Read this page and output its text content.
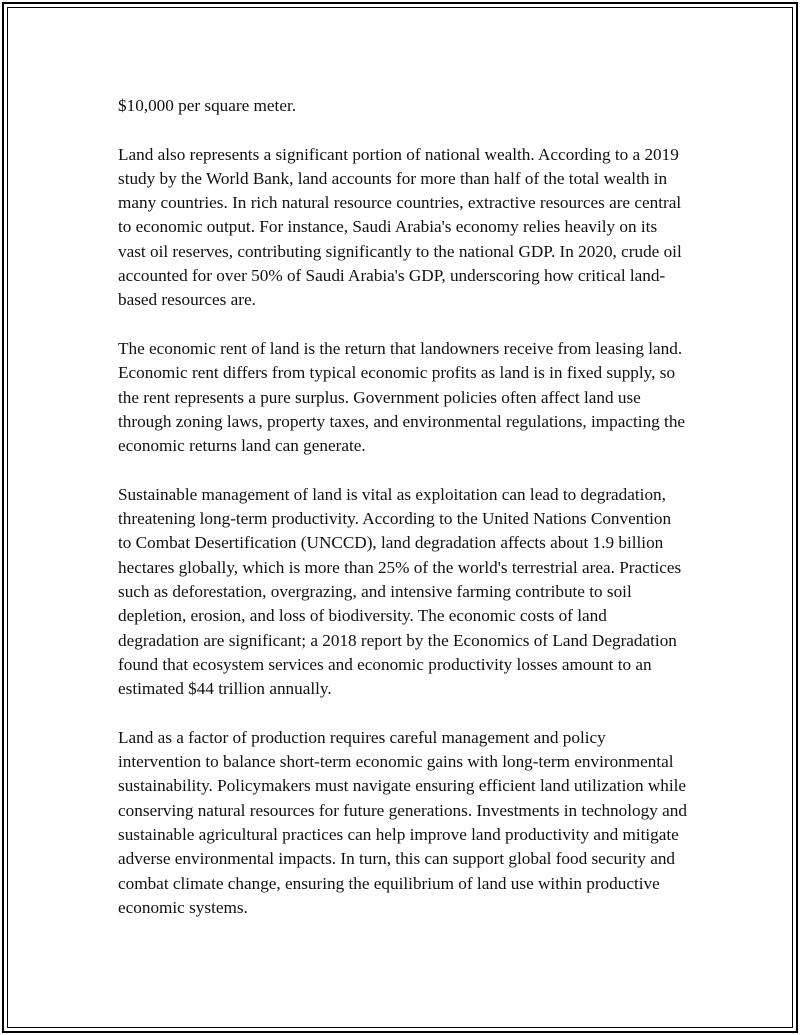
$10,000 per square meter.

Land also represents a significant portion of national wealth. According to a 2019 study by the World Bank, land accounts for more than half of the total wealth in many countries. In rich natural resource countries, extractive resources are central to economic output. For instance, Saudi Arabia's economy relies heavily on its vast oil reserves, contributing significantly to the national GDP. In 2020, crude oil accounted for over 50% of Saudi Arabia's GDP, underscoring how critical land-based resources are.

The economic rent of land is the return that landowners receive from leasing land. Economic rent differs from typical economic profits as land is in fixed supply, so the rent represents a pure surplus. Government policies often affect land use through zoning laws, property taxes, and environmental regulations, impacting the economic returns land can generate.

Sustainable management of land is vital as exploitation can lead to degradation, threatening long-term productivity. According to the United Nations Convention to Combat Desertification (UNCCD), land degradation affects about 1.9 billion hectares globally, which is more than 25% of the world's terrestrial area. Practices such as deforestation, overgrazing, and intensive farming contribute to soil depletion, erosion, and loss of biodiversity. The economic costs of land degradation are significant; a 2018 report by the Economics of Land Degradation found that ecosystem services and economic productivity losses amount to an estimated $44 trillion annually.

Land as a factor of production requires careful management and policy intervention to balance short-term economic gains with long-term environmental sustainability. Policymakers must navigate ensuring efficient land utilization while conserving natural resources for future generations. Investments in technology and sustainable agricultural practices can help improve land productivity and mitigate adverse environmental impacts. In turn, this can support global food security and combat climate change, ensuring the equilibrium of land use within productive economic systems.
